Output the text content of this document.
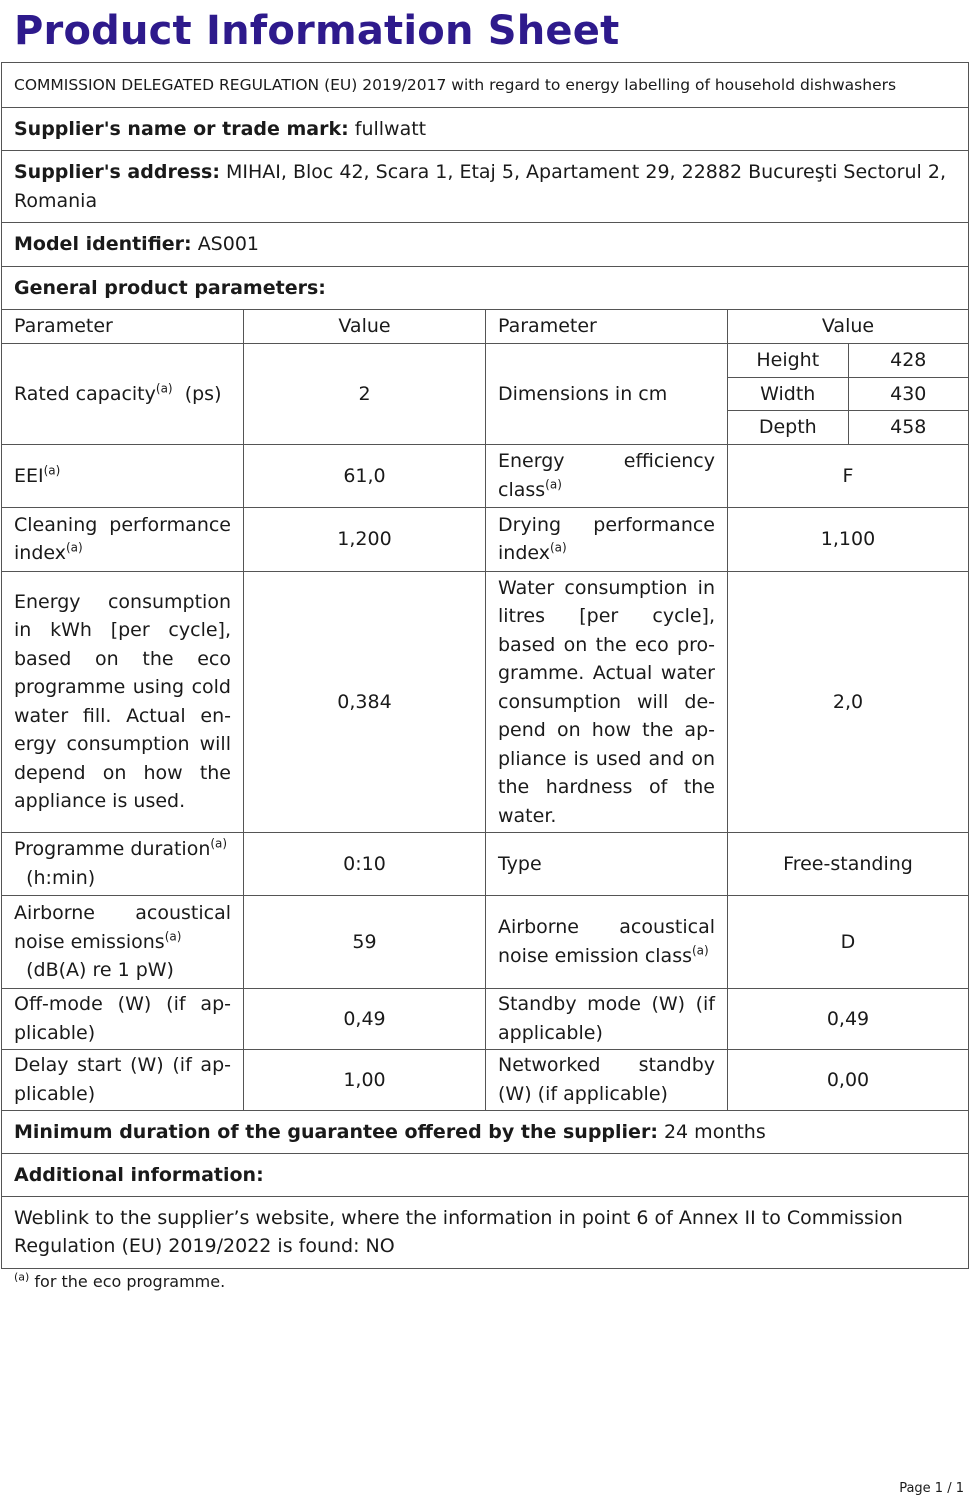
Product Information Sheet
COMMISSION DELEGATED REGULATION (EU) 2019/2017 with regard to energy labelling of household dishwashers
Supplier's name or trade mark: fullwatt
Supplier's address: MIHAI, Bloc 42, Scara 1, Etaj 5, Apartament 29, 22882 Bucureşti Sectorul 2, Romania
Model identifier: AS001
General product parameters:
Parameter	Value	Parameter	Value
Rated capacity$^{(a)}$ (ps)	2	Dimensions in cm	
Height	428
Width	430
Depth	458

EEI$^{(a)}$	61,0	Energy efficiency class$^{(a)}$	F
Cleaning performance index$^{(a)}$	1,200	Drying performance index$^{(a)}$	1,100
Energy consumption in kWh [per cycle], based on the eco programme using cold water fill. Actual energy consumption will depend on how the appliance is used.	0,384	Water consumption in litres [per cycle], based on the eco programme. Actual water consumption will depend on how the appliance is used and on the hardness of the water.	2,0
Programme duration$^{(a)}$
(h:min)	0:10	Type	Free-standing
Airborne acoustical noise emissions$^{(a)}$
(dB(A) re 1 pW)	59	Airborne acoustical noise emission class$^{(a)}$	D
Off-mode (W) (if applicable)	0,49	Standby mode (W) (if applicable)	0,49
Delay start (W) (if applicable)	1,00	Networked standby (W) (if applicable)	0,00
Minimum duration of the guarantee offered by the supplier: 24 months
Additional information:
Weblink to the supplier’s website, where the information in point 6 of Annex II to Commission Regulation (EU) 2019/2022 is found: NO
$^{(a)}$ for the eco programme.
Page 1 / 1
